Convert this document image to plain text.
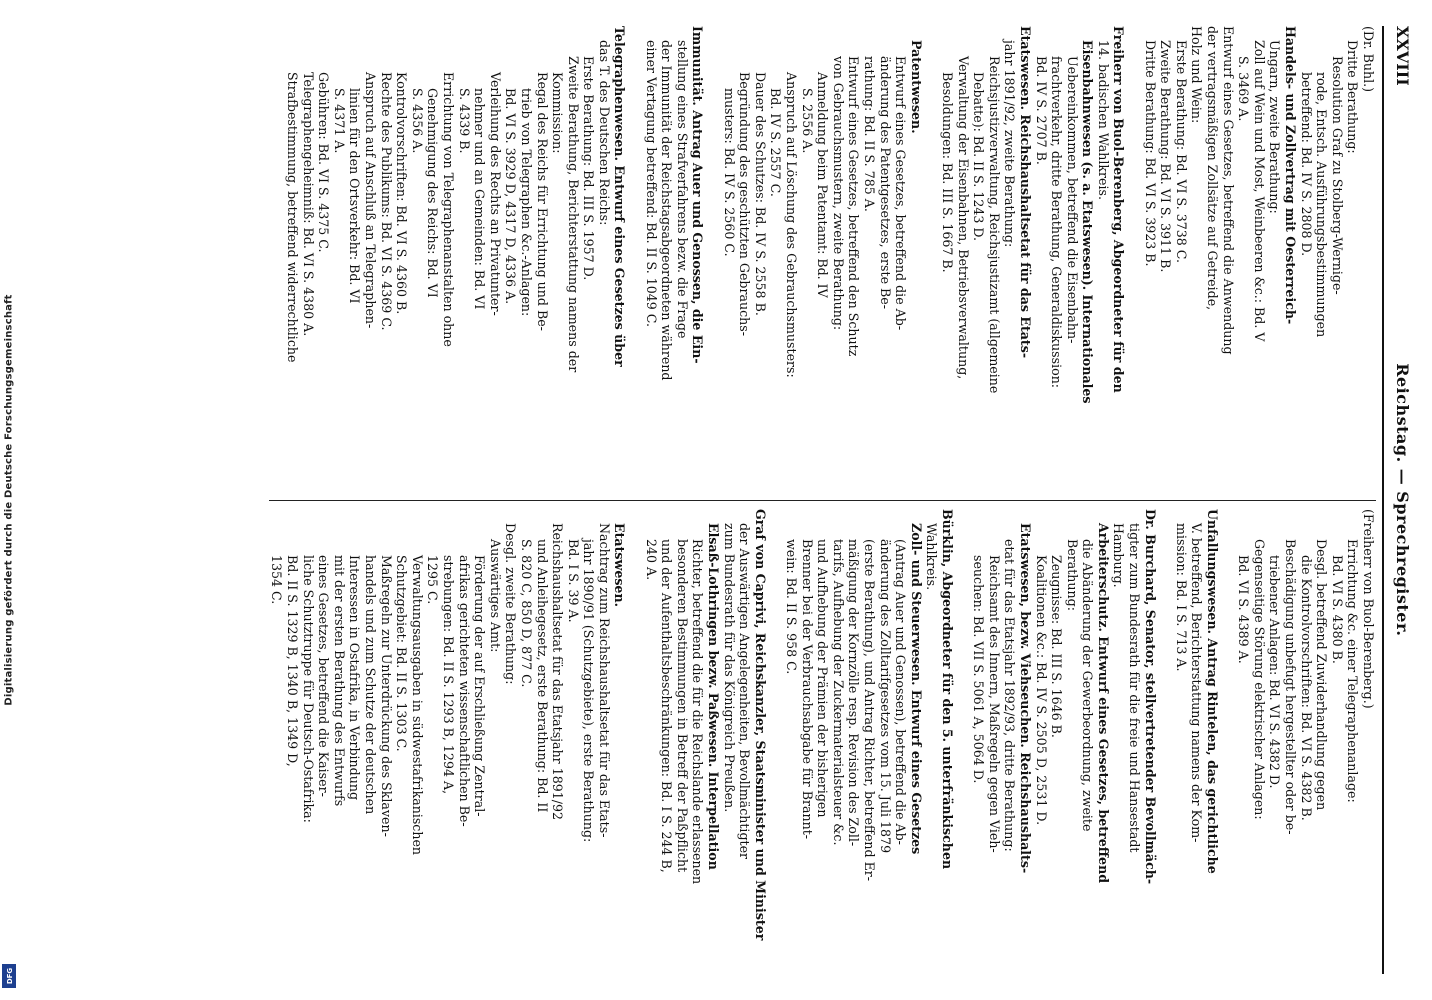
Digitalisierung gefördert durch die Deutsche Forschungsgemeinschaft
DFG
XXVIII
Reichstag. — Sprechregister.
(Dr. Buhl.)
Dritte Berathung:
Resolution Graf zu Stolberg-Wernige-
rode, Entsch. Ausführungsbestimmungen
betreffend: Bd. IV S. 2808 D.
Handels- und Zollvertrag mit Oesterreich-
Ungarn, zweite Berathung:
Zoll auf Wein und Most, Weinbeeren &c.: Bd. V
S. 3469 A.
Entwurf eines Gesetzes, betreffend die Anwendung
der vertragsmäßigen Zollsätze auf Getreide,
Holz und Wein:
Erste Berathung: Bd. VI S. 3738 C.
Zweite Berathung: Bd. VI S. 3911 B.
Dritte Berathung: Bd. VI S. 3923 B.

Freiherr von Buol-Berenberg, Abgeordneter für den
14. badischen Wahlkreis.
Eisenbahnwesen (s. a. Etatswesen). Internationales
Uebereinkommen, betreffend die Eisenbahn-
frachtverkehr, dritte Berathung, Generaldiskussion:
Bd. IV S. 2707 B.
Etatswesen. Reichshaushaltsetat für das Etats-
jahr 1891/92, zweite Berathung:
Reichsjustizverwaltung, Reichsjustizamt (allgemeine
Debatte): Bd. II S. 1243 D.
Verwaltung der Eisenbahnen, Betriebsverwaltung,
Besoldungen: Bd. III S. 1667 B.

Patentwesen.
Entwurf eines Gesetzes, betreffend die Ab-
änderung des Patentgesetzes, erste Be-
rathung: Bd. II S. 785 A.
Entwurf eines Gesetzes, betreffend den Schutz
von Gebrauchsmustern, zweite Berathung:
Anmeldung beim Patentamt: Bd. IV
S. 2556 A.
Anspruch auf Löschung des Gebrauchsmusters:
Bd. IV S. 2557 C.
Dauer des Schutzes: Bd. IV S. 2558 B.
Begründung des geschützten Gebrauchs-
musters: Bd. IV S. 2560 C.

Immunität. Antrag Auer und Genossen, die Ein-
stellung eines Strafverfahrens bezw. die Frage
der Immunität der Reichstagsabgeordneten während
einer Vertagung betreffend: Bd. II S. 1049 C.

Telegraphenwesen. Entwurf eines Gesetzes über
das T. des Deutschen Reichs:
Erste Berathung: Bd. III S. 1957 D.
Zweite Berathung, Berichterstattung namens der
Kommission:
Regal des Reichs für Errichtung und Be-
trieb von Telegraphen &c.-Anlagen:
Bd. VI S. 3929 D, 4317 D, 4336 A.
Verleihung des Rechts an Privatunter-
nehmer und an Gemeinden: Bd. VI
S. 4339 B.
Errichtung von Telegraphenanstalten ohne
Genehmigung des Reichs: Bd. VI
S. 4356 A.
Kontrolvorschriften: Bd. VI S. 4360 B.
Rechte des Publikums: Bd. VI S. 4369 C.
Anspruch auf Anschluß an Telegraphen-
linien für den Ortsverkehr: Bd. VI
S. 4371 A.
Gebühren: Bd. VI S. 4375 C.
Telegraphengeheimniß: Bd. VI S. 4380 A.
Strafbestimmung, betreffend widerrechtliche
(Freiherr von Buol-Berenberg.)
Errichtung &c. einer Telegraphenanlage:
Bd. VI S. 4380 B.
Desgl. betreffend Zuwiderhandlung gegen
die Kontrolvorschriften: Bd. VI S. 4382 B.
Beschädigung unbefugt hergestellter oder be-
triebener Anlagen: Bd. VI S. 4382 D.
Gegenseitige Störung elektrischer Anlagen:
Bd. VI S. 4389 A.

Unfallungswesen. Antrag Rintelen, das gerichtliche
V. betreffend, Berichterstattung namens der Kom-
mission: Bd. I S. 713 A.

Dr. Burchard, Senator, stellvertretender Bevollmäch-
tigter zum Bundesrath für die freie und Hansestadt
Hamburg.
Arbeiterschutz. Entwurf eines Gesetzes, betreffend
die Abänderung der Gewerbeordnung, zweite
Berathung:
Zeugnisse: Bd. III S. 1646 B.
Koalitionen &c.: Bd. IV S. 2505 D, 2531 D.
Etatswesen, bezw. Viehseuchen. Reichshaushalts-
etat für das Etatsjahr 1892/93, dritte Berathung:
Reichsamt des Innern, Maßregeln gegen Vieh-
seuchen: Bd. VII S. 5061 A, 5064 D.

Bürklin, Abgeordneter für den 5. unterfränkischen
Wahlkreis.
Zoll- und Steuerwesen. Entwurf eines Gesetzes
(Antrag Auer und Genossen), betreffend die Ab-
änderung des Zolltarifgesetzes vom 15. Juli 1879
(erste Berathung), und Antrag Richter, betreffend Er-
mäßigung der Kornzölle resp. Revision des Zoll-
tarifs, Aufhebung der Zuckermaterialsteuer &c.
und Aufhebung der Prämien der bisherigen
Brenner bei der Verbrauchsabgabe für Brannt-
wein: Bd. II S. 958 C.

Graf von Caprivi, Reichskanzler, Staatsminister und Minister
der Auswärtigen Angelegenheiten, Bevollmächtigter
zum Bundesrath für das Königreich Preußen.
Elsaß-Lothringen bezw. Paßwesen. Interpellation
Richter, betreffend die für die Reichslande erlassenen
besonderen Bestimmungen in Betreff der Paßpflicht
und der Aufenthaltsbeschränkungen: Bd. I S. 244 B,
240 A.

Etatswesen.
Nachtrag zum Reichshaushaltsetat für das Etats-
jahr 1890/91 (Schutzgebiete), erste Berathung:
Bd. I S. 39 A.
Reichshaushaltsetat für das Etatsjahr 1891/92
und Anleihegesetz, erste Berathung: Bd. II
S. 820 C, 850 D, 877 C.
Desgl. zweite Berathung:
Auswärtiges Amt:
Förderung der auf Erschließung Zentral-
afrikas gerichteten wissenschaftlichen Be-
strebungen: Bd. II S. 1293 B, 1294 A,
1295 C.
Verwaltungsausgaben in südwestafrikanischen
Schutzgebiet: Bd. II S. 1303 C.
Maßregeln zur Unterdrückung des Sklaven-
handels und zum Schutze der deutschen
Interessen in Ostafrika, in Verbindung
mit der ersten Berathung des Entwurfs
eines Gesetzes, betreffend die Kaiser-
liche Schutztruppe für Deutsch-Ostafrika:
Bd. II S. 1329 B, 1340 B, 1349 D,
1354 C.
